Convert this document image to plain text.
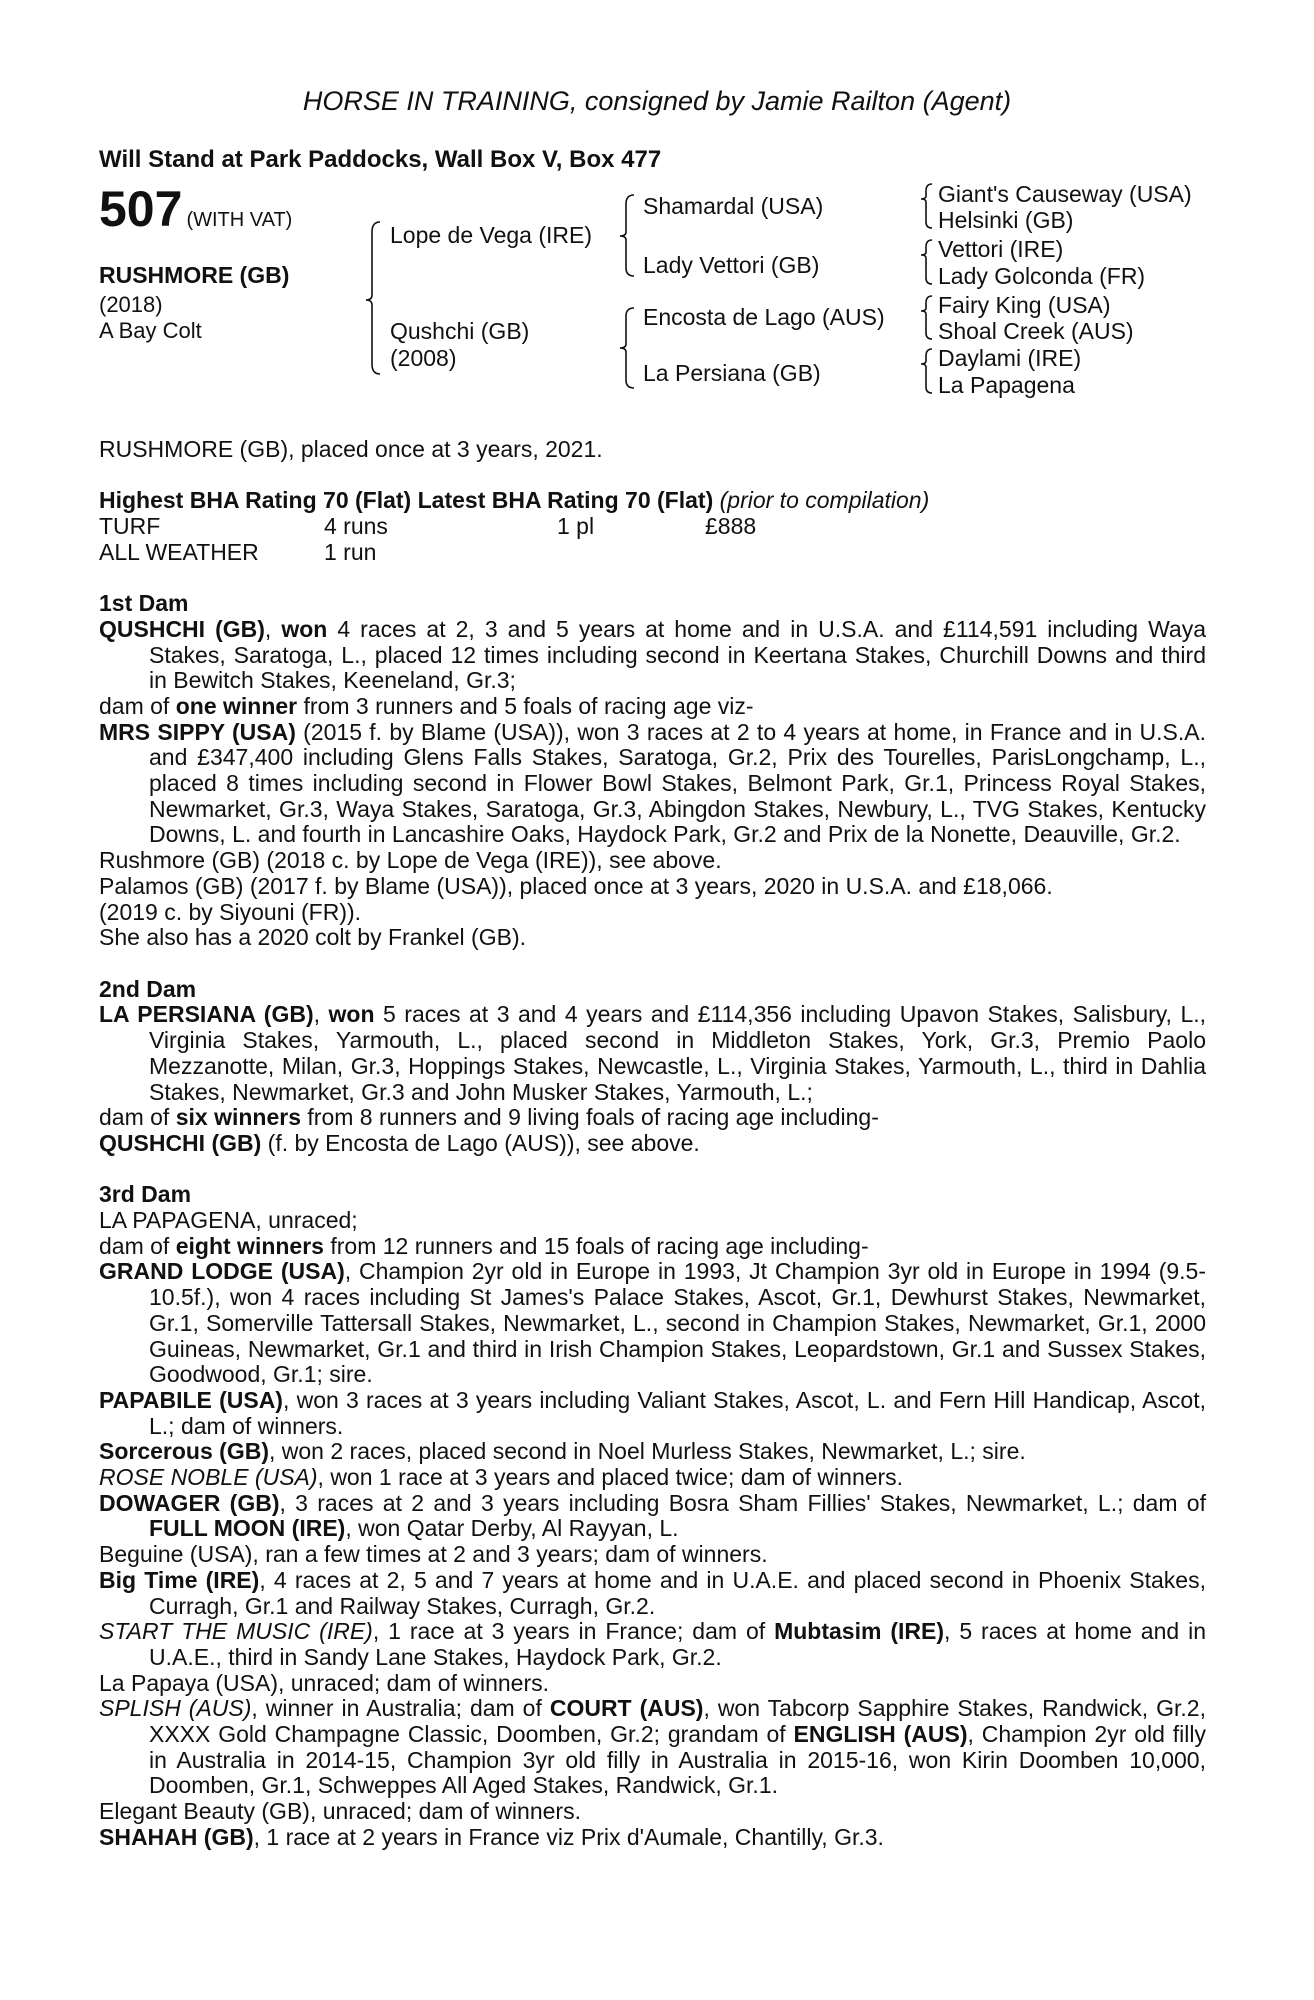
HORSE IN TRAINING, consigned by Jamie Railton (Agent)
Will Stand at Park Paddocks, Wall Box V, Box 477
507 (WITH VAT)
RUSHMORE (GB)
(2018)
A Bay Colt
Lope de Vega (IRE)
Qushchi (GB)
(2008)
Shamardal (USA)
Lady Vettori (GB)
Encosta de Lago (AUS)
La Persiana (GB)
Giant's Causeway (USA)
Helsinki (GB)
Vettori (IRE)
Lady Golconda (FR)
Fairy King (USA)
Shoal Creek (AUS)
Daylami (IRE)
La Papagena

RUSHMORE (GB), placed once at 3 years, 2021.

Highest BHA Rating 70 (Flat) Latest BHA Rating 70 (Flat) (prior to compilation)

TURF	4 runs	1 pl	£888
ALL WEATHER	1 run

1st Dam

QUSHCHI (GB), won 4 races at 2, 3 and 5 years at home and in U.S.A. and £114,591 including Waya Stakes, Saratoga, L., placed 12 times including second in Keertana Stakes, Churchill Downs and third in Bewitch Stakes, Keeneland, Gr.3;

dam of one winner from 3 runners and 5 foals of racing age viz-

MRS SIPPY (USA) (2015 f. by Blame (USA)), won 3 races at 2 to 4 years at home, in France and in U.S.A. and £347,400 including Glens Falls Stakes, Saratoga, Gr.2, Prix des Tourelles, ParisLongchamp, L., placed 8 times including second in Flower Bowl Stakes, Belmont Park, Gr.1, Princess Royal Stakes, Newmarket, Gr.3, Waya Stakes, Saratoga, Gr.3, Abingdon Stakes, Newbury, L., TVG Stakes, Kentucky Downs, L. and fourth in Lancashire Oaks, Haydock Park, Gr.2 and Prix de la Nonette, Deauville, Gr.2.

Rushmore (GB) (2018 c. by Lope de Vega (IRE)), see above.

Palamos (GB) (2017 f. by Blame (USA)), placed once at 3 years, 2020 in U.S.A. and £18,066.

(2019 c. by Siyouni (FR)).

She also has a 2020 colt by Frankel (GB).

2nd Dam

LA PERSIANA (GB), won 5 races at 3 and 4 years and £114,356 including Upavon Stakes, Salisbury, L., Virginia Stakes, Yarmouth, L., placed second in Middleton Stakes, York, Gr.3, Premio Paolo Mezzanotte, Milan, Gr.3, Hoppings Stakes, Newcastle, L., Virginia Stakes, Yarmouth, L., third in Dahlia Stakes, Newmarket, Gr.3 and John Musker Stakes, Yarmouth, L.;

dam of six winners from 8 runners and 9 living foals of racing age including-

QUSHCHI (GB) (f. by Encosta de Lago (AUS)), see above.

3rd Dam

LA PAPAGENA, unraced;

dam of eight winners from 12 runners and 15 foals of racing age including-

GRAND LODGE (USA), Champion 2yr old in Europe in 1993, Jt Champion 3yr old in Europe in 1994 (9.5-10.5f.), won 4 races including St James's Palace Stakes, Ascot, Gr.1, Dewhurst Stakes, Newmarket, Gr.1, Somerville Tattersall Stakes, Newmarket, L., second in Champion Stakes, Newmarket, Gr.1, 2000 Guineas, Newmarket, Gr.1 and third in Irish Champion Stakes, Leopardstown, Gr.1 and Sussex Stakes, Goodwood, Gr.1; sire.

PAPABILE (USA), won 3 races at 3 years including Valiant Stakes, Ascot, L. and Fern Hill Handicap, Ascot, L.; dam of winners.

Sorcerous (GB), won 2 races, placed second in Noel Murless Stakes, Newmarket, L.; sire.

ROSE NOBLE (USA), won 1 race at 3 years and placed twice; dam of winners.

DOWAGER (GB), 3 races at 2 and 3 years including Bosra Sham Fillies' Stakes, Newmarket, L.; dam of FULL MOON (IRE), won Qatar Derby, Al Rayyan, L.

Beguine (USA), ran a few times at 2 and 3 years; dam of winners.

Big Time (IRE), 4 races at 2, 5 and 7 years at home and in U.A.E. and placed second in Phoenix Stakes, Curragh, Gr.1 and Railway Stakes, Curragh, Gr.2.

START THE MUSIC (IRE), 1 race at 3 years in France; dam of Mubtasim (IRE), 5 races at home and in U.A.E., third in Sandy Lane Stakes, Haydock Park, Gr.2.

La Papaya (USA), unraced; dam of winners.

SPLISH (AUS), winner in Australia; dam of COURT (AUS), won Tabcorp Sapphire Stakes, Randwick, Gr.2, XXXX Gold Champagne Classic, Doomben, Gr.2; grandam of ENGLISH (AUS), Champion 2yr old filly in Australia in 2014-15, Champion 3yr old filly in Australia in 2015-16, won Kirin Doomben 10,000, Doomben, Gr.1, Schweppes All Aged Stakes, Randwick, Gr.1.

Elegant Beauty (GB), unraced; dam of winners.

SHAHAH (GB), 1 race at 2 years in France viz Prix d'Aumale, Chantilly, Gr.3.
